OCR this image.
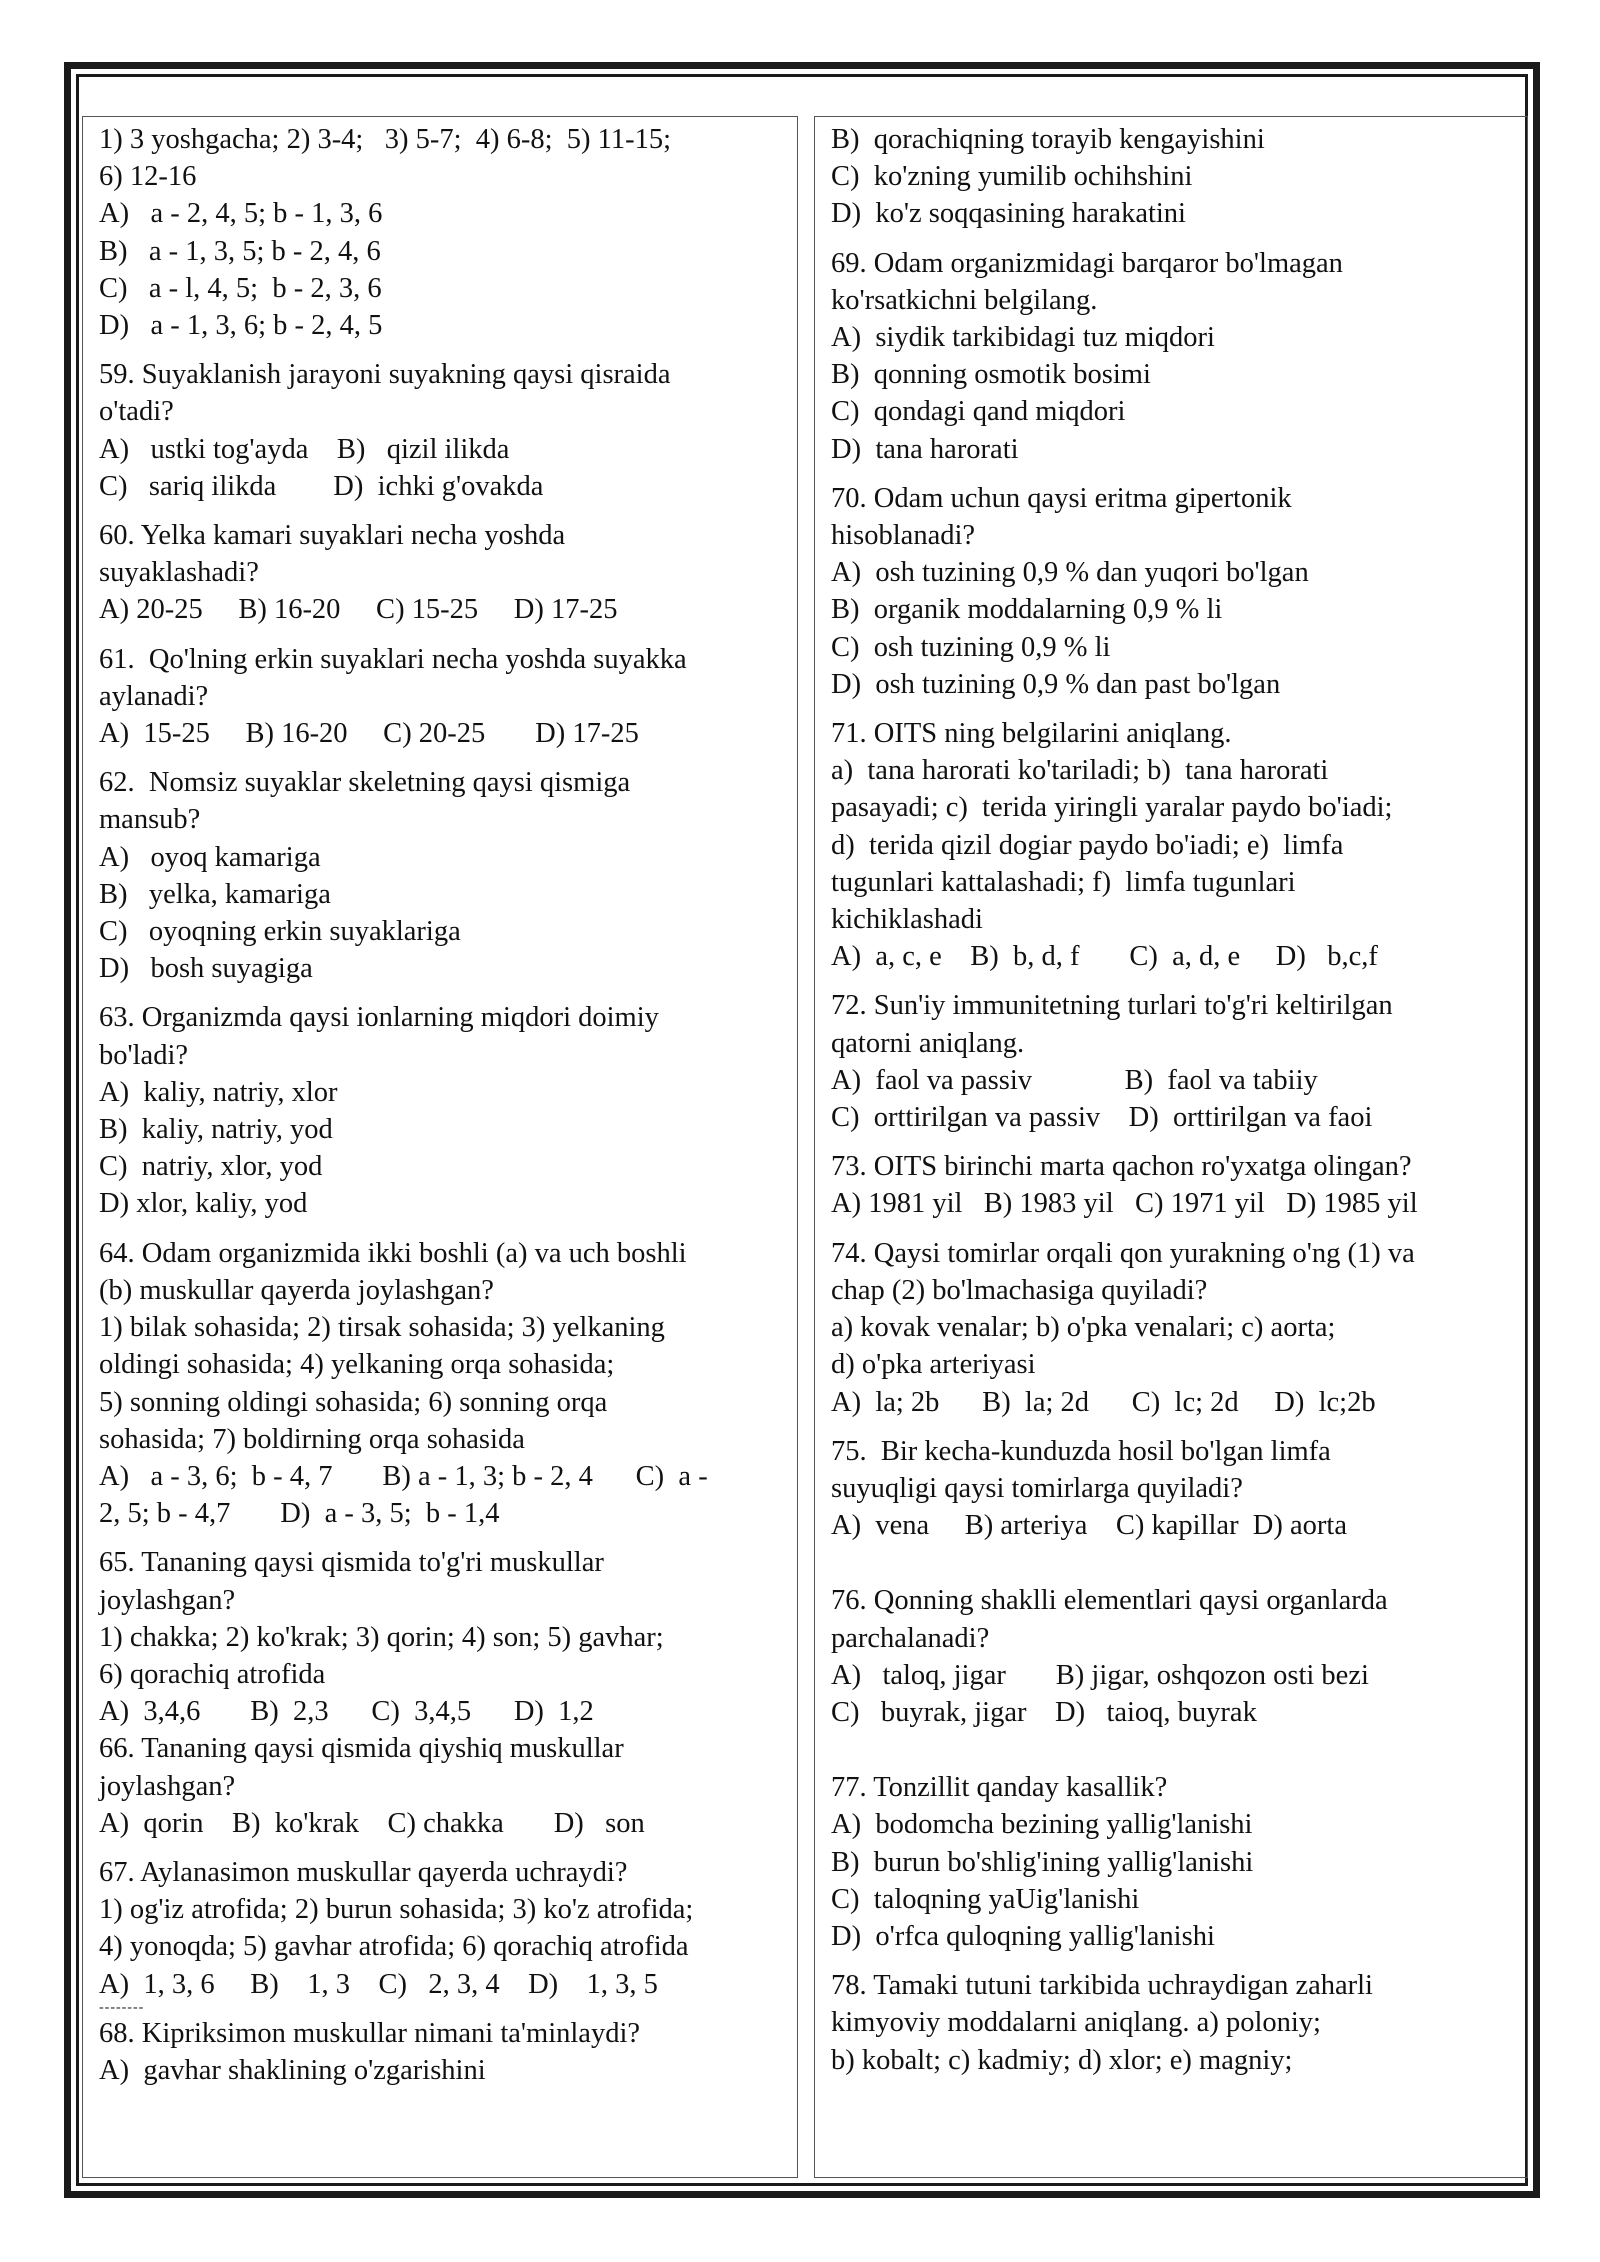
1) 3 yoshgacha; 2) 3-4;   3) 5-7;  4) 6-8;  5) 11-15;
6) 12-16
A)   a - 2, 4, 5; b - 1, 3, 6
B)   a - 1, 3, 5; b - 2, 4, 6
C)   a - l, 4, 5;  b - 2, 3, 6
D)   a - 1, 3, 6; b - 2, 4, 5
59. Suyaklanish jarayoni suyakning qaysi qisraida
o'tadi?
A)   ustki tog'ayda    B)   qizil ilikda
C)   sariq ilikda        D)  ichki g'ovakda
60. Yelka kamari suyaklari necha yoshda
suyaklashadi?
A) 20-25     B) 16-20     C) 15-25     D) 17-25
61.  Qo'lning erkin suyaklari necha yoshda suyakka
aylanadi?
A)  15-25     B) 16-20     C) 20-25       D) 17-25
62.  Nomsiz suyaklar skeletning qaysi qismiga
mansub?
A)   oyoq kamariga
B)   yelka, kamariga
C)   oyoqning erkin suyaklariga
D)   bosh suyagiga
63. Organizmda qaysi ionlarning miqdori doimiy
bo'ladi?
A)  kaliy, natriy, xlor
B)  kaliy, natriy, yod
C)  natriy, xlor, yod
D) xlor, kaliy, yod
64. Odam organizmida ikki boshli (a) va uch boshli
(b) muskullar qayerda joylashgan?
1) bilak sohasida; 2) tirsak sohasida; 3) yelkaning
oldingi sohasida; 4) yelkaning orqa sohasida;
5) sonning oldingi sohasida; 6) sonning orqa
sohasida; 7) boldirning orqa sohasida
A)   a - 3, 6;  b - 4, 7       B) a - 1, 3; b - 2, 4      C)  a -
2, 5; b - 4,7       D)  a - 3, 5;  b - 1,4
65. Tananing qaysi qismida to'g'ri muskullar
joylashgan?
1) chakka; 2) ko'krak; 3) qorin; 4) son; 5) gavhar;
6) qorachiq atrofida
A)  3,4,6       B)  2,3      C)  3,4,5      D)  1,2
66. Tananing qaysi qismida qiyshiq muskullar
joylashgan?
A)  qorin    B)  ko'krak    C) chakka       D)   son
67. Aylanasimon muskullar qayerda uchraydi?
1) og'iz atrofida; 2) burun sohasida; 3) ko'z atrofida;
4) yonoqda; 5) gavhar atrofida; 6) qorachiq atrofida
A)  1, 3, 6     B)    1, 3    C)   2, 3, 4    D)    1, 3, 5
--------
68. Kipriksimon muskullar nimani ta'minlaydi?
A)  gavhar shaklining o'zgarishini
B)  qorachiqning torayib kengayishini
C)  ko'zning yumilib ochihshini
D)  ko'z soqqasining harakatini
69. Odam organizmidagi barqaror bo'lmagan
ko'rsatkichni belgilang.
A)  siydik tarkibidagi tuz miqdori
B)  qonning osmotik bosimi
C)  qondagi qand miqdori
D)  tana harorati
70. Odam uchun qaysi eritma gipertonik
hisoblanadi?
A)  osh tuzining 0,9 % dan yuqori bo'lgan
B)  organik moddalarning 0,9 % li
C)  osh tuzining 0,9 % li
D)  osh tuzining 0,9 % dan past bo'lgan
71. OITS ning belgilarini aniqlang.
a)  tana harorati ko'tariladi; b)  tana harorati
pasayadi; c)  terida yiringli yaralar paydo bo'iadi;
d)  terida qizil dogiar paydo bo'iadi; e)  limfa
tugunlari kattalashadi; f)  limfa tugunlari
kichiklashadi
A)  a, c, e    B)  b, d, f       C)  a, d, e     D)   b,c,f
72. Sun'iy immunitetning turlari to'g'ri keltirilgan
qatorni aniqlang.
A)  faol va passiv             B)  faol va tabiiy
C)  orttirilgan va passiv    D)  orttirilgan va faoi
73. OITS birinchi marta qachon ro'yxatga olingan?
A) 1981 yil   B) 1983 yil   C) 1971 yil   D) 1985 yil
74. Qaysi tomirlar orqali qon yurakning o'ng (1) va
chap (2) bo'lmachasiga quyiladi?
a) kovak venalar; b) o'pka venalari; c) aorta;
d) o'pka arteriyasi
A)  la; 2b      B)  la; 2d      C)  lc; 2d     D)  lc;2b
75.  Bir kecha-kunduzda hosil bo'lgan limfa
suyuqligi qaysi tomirlarga quyiladi?
A)  vena     B) arteriya    C) kapillar  D) aorta
76. Qonning shaklli elementlari qaysi organlarda
parchalanadi?
A)   taloq, jigar       B) jigar, oshqozon osti bezi
C)   buyrak, jigar    D)   taioq, buyrak
77. Tonzillit qanday kasallik?
A)  bodomcha bezining yallig'lanishi
B)  burun bo'shlig'ining yallig'lanishi
C)  taloqning yaUig'lanishi
D)  o'rfca quloqning yallig'lanishi
78. Tamaki tutuni tarkibida uchraydigan zaharli
kimyoviy moddalarni aniqlang. a) poloniy;
b) kobalt; c) kadmiy; d) xlor; e) magniy;
